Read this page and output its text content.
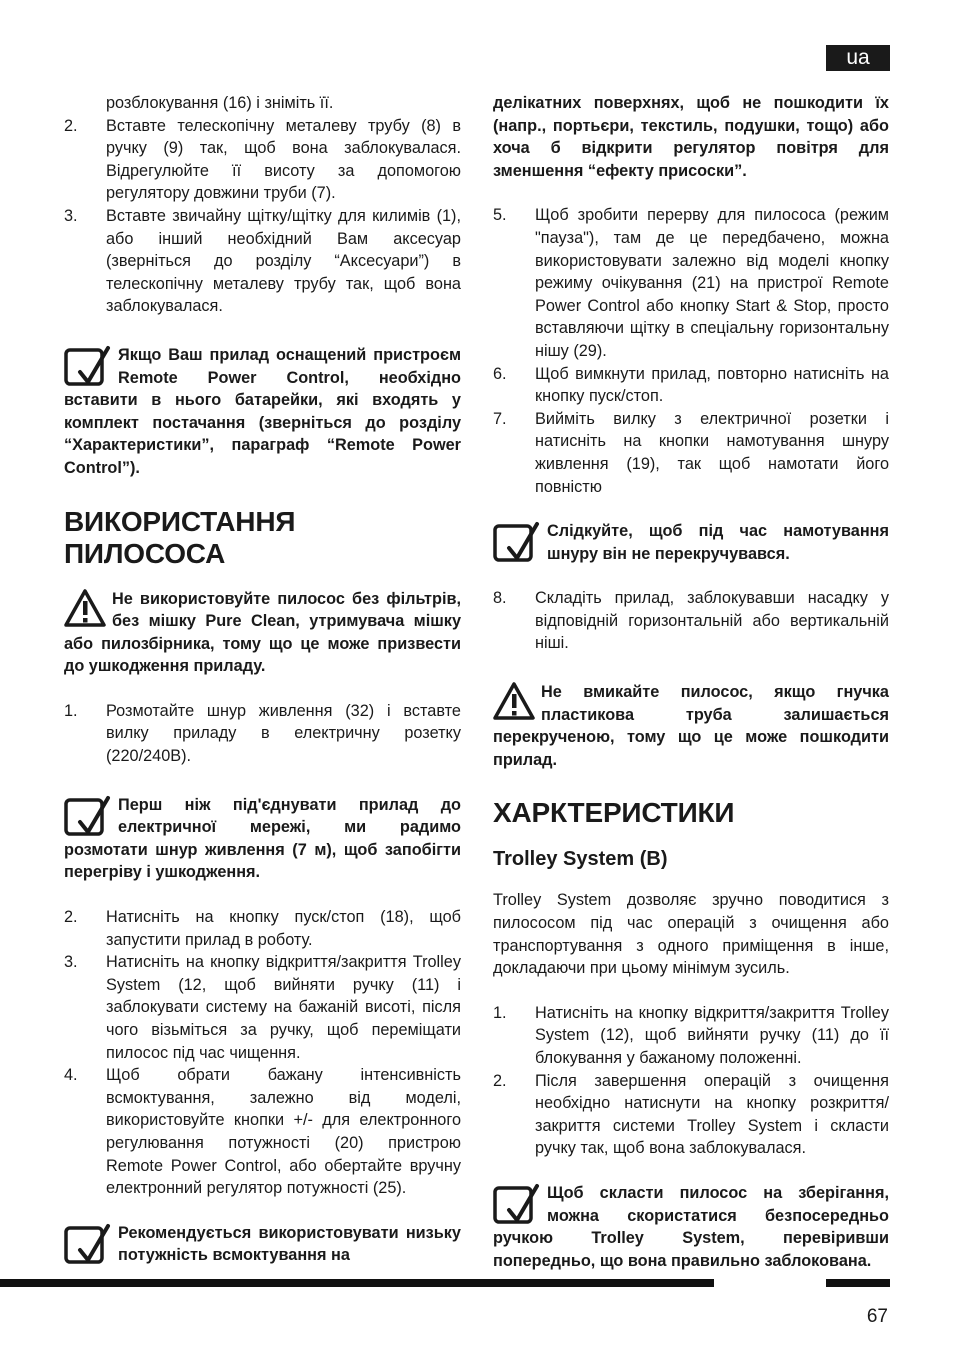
ua

розблокування (16) і зніміть її.

2.	Вставте телескопічну металеву трубу (8) в ручку (9) так, щоб вона заблокувалася. Відрегулюйте її висоту за допомогою регулятору довжини труби (7).
3.	Вставте звичайну щітку/щітку для килимів (1), або інший необхідний Вам аксесуар (зверніться до розділу “Аксесуари”) в телескопічну металеву трубу так, щоб вона заблокувалася.
Якщо Ваш прилад оснащений пристроєм Remote Power Control, необхідно вставити в нього батарейки, які входять у комплект постачання (зверніться до розділу “Характеристики”, параграф “Remote Power Control”).
ВИКОРИСТАННЯ ПИЛОСОСА
Не використовуйте пилосос без фільтрів, без мішку Pure Clean, утримувача мішку або пилозбірника, тому що це може призвести до ушкодження приладу.
1.	Розмотайте шнур живлення (32) і вставте вилку приладу в електричну розетку (220/240В).
Перш ніж під'єднувати прилад до електричної мережі, ми радимо розмотати шнур живлення (7 м), щоб запобігти перегріву і ушкодження.
2.	Натисніть на кнопку пуск/стоп (18), щоб запустити прилад в роботу.
3.	Натисніть на кнопку відкриття/закриття Trolley System (12, щоб вийняти ручку (11) і заблокувати систему на бажаній висоті, після чого візьміться за ручку, щоб переміщати пилосос під час чищення.
4.	Щоб обрати бажану інтенсивність всмоктування, залежно від моделі, використовуйте кнопки +/- для електронного регулювання потужності (20) пристрою Remote Power Control, або обертайте вручну електронний регулятор потужності (25).
Рекомендується використовувати низьку потужність всмоктування на

делікатних поверхнях, щоб не пошкодити їх (напр., портьєри, текстиль, подушки, тощо) або хоча б відкрити регулятор повітря для зменшення “ефекту присоски”.

5.	Щоб зробити перерву для пилососа (режим "пауза"), там де це передбачено, можна використовувати залежно від моделі кнопку режиму очікування (21) на пристрої Remote Power Control або кнопку Start & Stop, просто вставляючи щітку в спеціальну горизонтальну нішу (29).
6.	Щоб вимкнути прилад, повторно натисніть на кнопку пуск/стоп.
7.	Вийміть вилку з електричної розетки і натисніть на кнопки намотування шнуру живлення (19), так щоб намотати його повністю
Слідкуйте, щоб під час намотування шнуру він не перекручувався.
8.	Складіть прилад, заблокувавши насадку у відповідній горизонтальній або вертикальній ніші.
Не вмикайте пилосос, якщо гнучка пластикова труба залишається перекрученою, тому що це може пошкодити прилад.
ХАРКТЕРИСТИКИ
Trolley System (B)

Trolley System дозволяє зручно поводитися з пилососом під час операцій з очищення або транспортування з одного приміщення в інше, докладаючи при цьому мінімум зусиль.

1.	Натисніть на кнопку відкриття/закриття Trolley System (12), щоб вийняти ручку (11) до її блокування у бажаному положенні.
2.	Після завершення операцій з очищення необхідно натиснути на кнопку розкриття/закриття системи Trolley System і скласти ручку так, щоб вона заблокувалася.
Щоб скласти пилосос на зберігання, можна скористатися безпосередньо ручкою Trolley System, перевіривши попередньо, що вона правильно заблокована.
67
